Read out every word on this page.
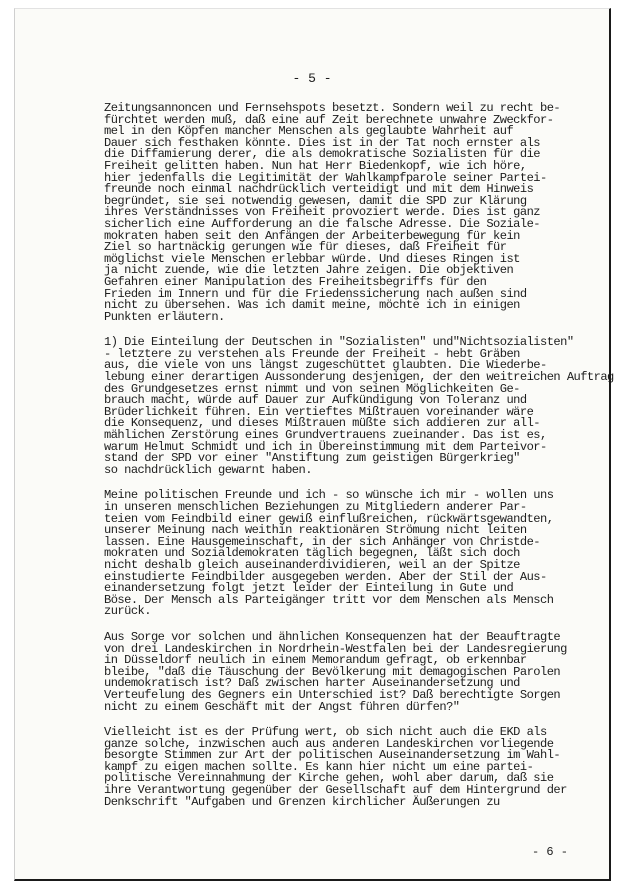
- 5 -
Zeitungsannoncen und Fernsehspots besetzt. Sondern weil zu recht be-
fürchtet werden muß, daß eine auf Zeit berechnete unwahre Zweckfor-
mel in den Köpfen mancher Menschen als geglaubte Wahrheit auf
Dauer sich festhaken könnte. Dies ist in der Tat noch ernster als
die Diffamierung derer, die als demokratische Sozialisten für die
Freiheit gelitten haben. Nun hat Herr Biedenkopf, wie ich höre,
hier jedenfalls die Legitimität der Wahlkampfparole seiner Partei-
freunde noch einmal nachdrücklich verteidigt und mit dem Hinweis
begründet, sie sei notwendig gewesen, damit die SPD zur Klärung
ihres Verständnisses von Freiheit provoziert werde. Dies ist ganz
sicherlich eine Aufforderung an die falsche Adresse. Die Soziale-
mokraten haben seit den Anfängen der Arbeiterbewegung für kein
Ziel so hartnäckig gerungen wie für dieses, daß Freiheit für
möglichst viele Menschen erlebbar würde. Und dieses Ringen ist
ja nicht zuende, wie die letzten Jahre zeigen. Die objektiven
Gefahren einer Manipulation des Freiheitsbegriffs für den
Frieden im Innern und für die Friedenssicherung nach außen sind
nicht zu übersehen. Was ich damit meine, möchte ich in einigen
Punkten erläutern.
1) Die Einteilung der Deutschen in "Sozialisten" und"Nichtsozialisten"
- letztere zu verstehen als Freunde der Freiheit - hebt Gräben
aus, die viele von uns längst zugeschüttet glaubten. Die Wiederbe-
lebung einer derartigen Aussonderung desjenigen, der den weitreichen Auftrag
des Grundgesetzes ernst nimmt und von seinen Möglichkeiten Ge-
brauch macht, würde auf Dauer zur Aufkündigung von Toleranz und
Brüderlichkeit führen. Ein vertieftes Mißtrauen voreinander wäre
die Konsequenz, und dieses Mißtrauen müßte sich addieren zur all-
mählichen Zerstörung eines Grundvertrauens zueinander. Das ist es,
warum Helmut Schmidt und ich in Übereinstimmung mit dem Parteivor-
stand der SPD vor einer "Anstiftung zum geistigen Bürgerkrieg"
so nachdrücklich gewarnt haben.
Meine politischen Freunde und ich - so wünsche ich mir - wollen uns
in unseren menschlichen Beziehungen zu Mitgliedern anderer Par-
teien vom Feindbild einer gewiß einflußreichen, rückwärtsgewandten,
unserer Meinung nach weithin reaktionären Strömung nicht leiten
lassen. Eine Hausgemeinschaft, in der sich Anhänger von Christde-
mokraten und Sozialdemokraten täglich begegnen, läßt sich doch
nicht deshalb gleich auseinanderdividieren, weil an der Spitze
einstudierte Feindbilder ausgegeben werden. Aber der Stil der Aus-
einandersetzung folgt jetzt leider der Einteilung in Gute und
Böse. Der Mensch als Parteigänger tritt vor dem Menschen als Mensch
zurück.
Aus Sorge vor solchen und ähnlichen Konsequenzen hat der Beauftragte
von drei Landeskirchen in Nordrhein-Westfalen bei der Landesregierung
in Düsseldorf neulich in einem Memorandum gefragt, ob erkennbar
bleibe, "daß die Täuschung der Bevölkerung mit demagogischen Parolen
undemokratisch ist? Daß zwischen harter Auseinandersetzung und
Verteufelung des Gegners ein Unterschied ist? Daß berechtigte Sorgen
nicht zu einem Geschäft mit der Angst führen dürfen?"
Vielleicht ist es der Prüfung wert, ob sich nicht auch die EKD als
ganze solche, inzwischen auch aus anderen Landeskirchen vorliegende
besorgte Stimmen zur Art der politischen Auseinandersetzung im Wahl-
kampf zu eigen machen sollte. Es kann hier nicht um eine partei-
politische Vereinnahmung der Kirche gehen, wohl aber darum, daß sie
ihre Verantwortung gegenüber der Gesellschaft auf dem Hintergrund der
Denkschrift "Aufgaben und Grenzen kirchlicher Äußerungen zu
- 6 -
